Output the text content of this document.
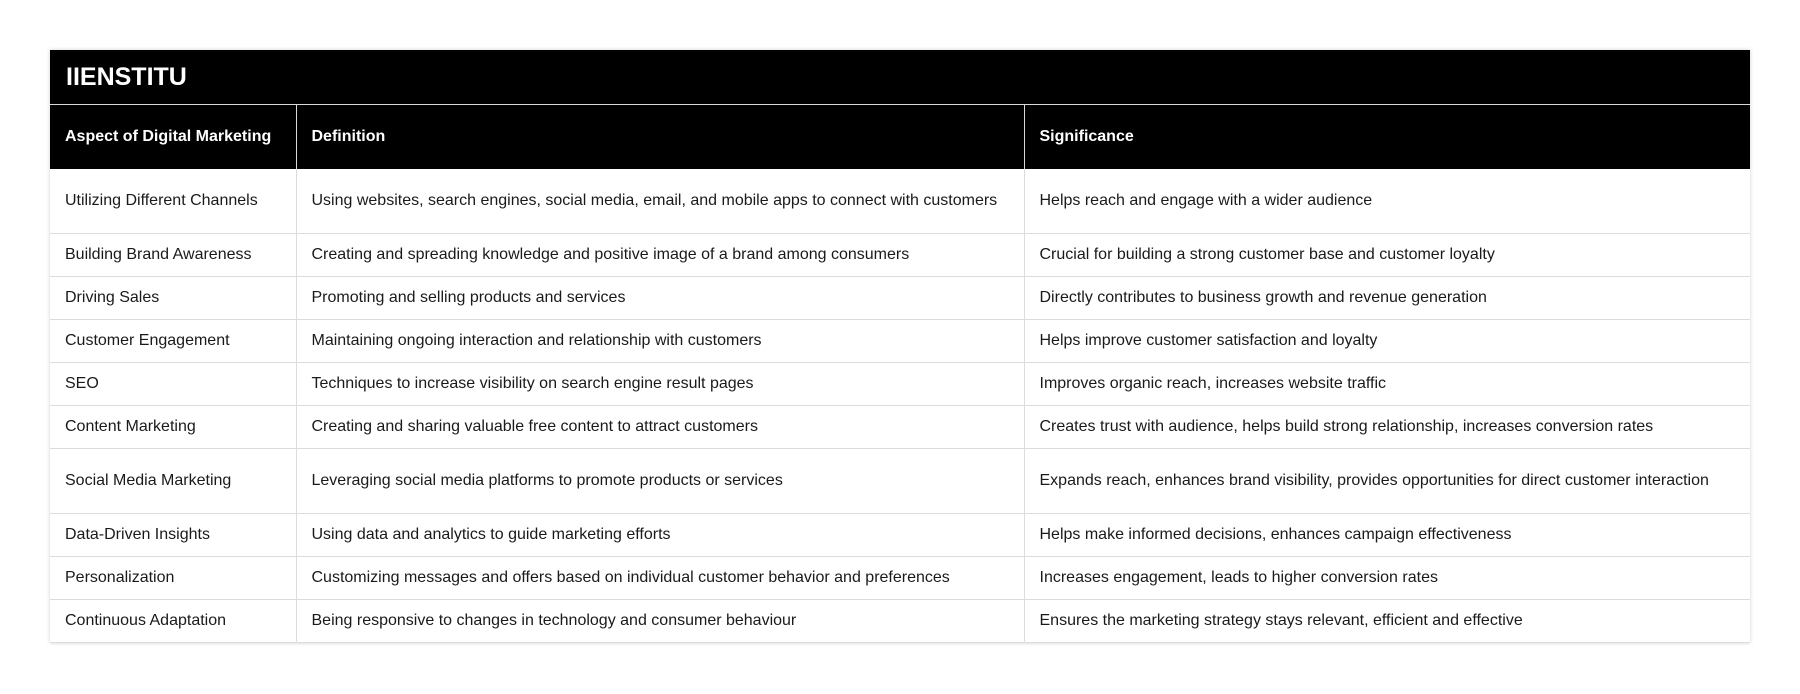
IIENSTITU
Aspect of Digital Marketing	Definition	Significance
Utilizing Different Channels	Using websites, search engines, social media, email, and mobile apps to connect with customers	Helps reach and engage with a wider audience
Building Brand Awareness	Creating and spreading knowledge and positive image of a brand among consumers	Crucial for building a strong customer base and customer loyalty
Driving Sales	Promoting and selling products and services	Directly contributes to business growth and revenue generation
Customer Engagement	Maintaining ongoing interaction and relationship with customers	Helps improve customer satisfaction and loyalty
SEO	Techniques to increase visibility on search engine result pages	Improves organic reach, increases website traffic
Content Marketing	Creating and sharing valuable free content to attract customers	Creates trust with audience, helps build strong relationship, increases conversion rates
Social Media Marketing	Leveraging social media platforms to promote products or services	Expands reach, enhances brand visibility, provides opportunities for direct customer interaction
Data-Driven Insights	Using data and analytics to guide marketing efforts	Helps make informed decisions, enhances campaign effectiveness
Personalization	Customizing messages and offers based on individual customer behavior and preferences	Increases engagement, leads to higher conversion rates
Continuous Adaptation	Being responsive to changes in technology and consumer behaviour	Ensures the marketing strategy stays relevant, efficient and effective
